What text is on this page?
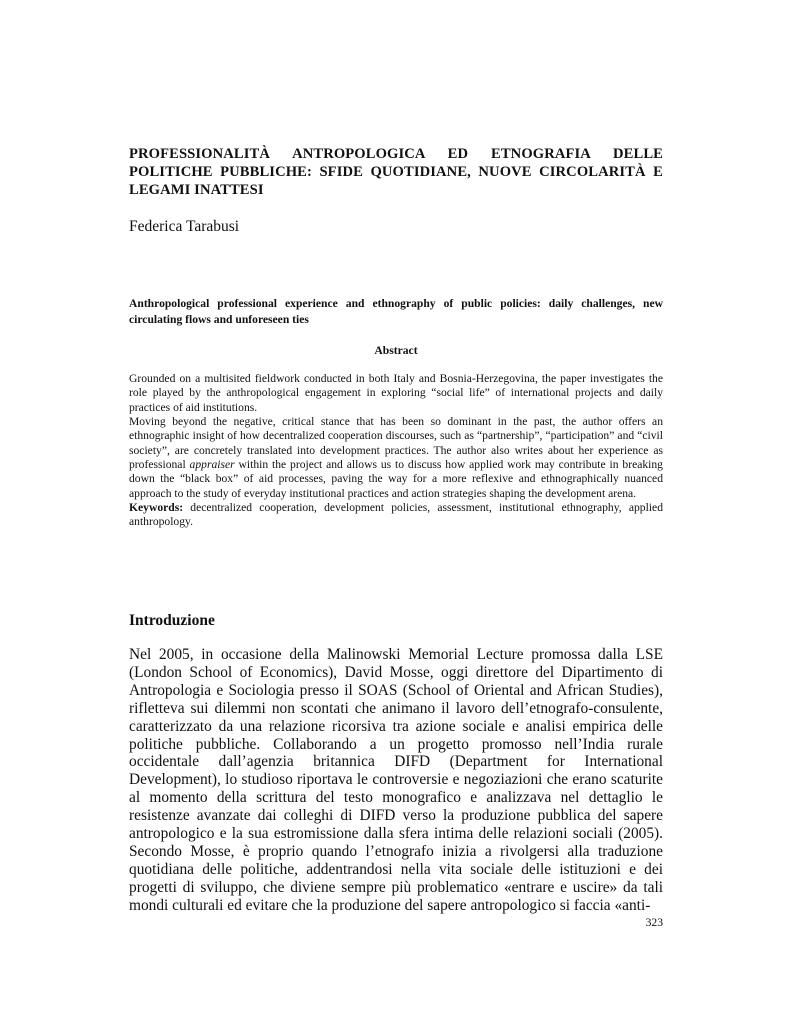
PROFESSIONALITÀ ANTROPOLOGICA ED ETNOGRAFIA DELLE POLITICHE PUBBLICHE: SFIDE QUOTIDIANE, NUOVE CIRCOLARITÀ E LEGAMI INATTESI

Federica Tarabusi

Anthropological professional experience and ethnography of public policies: daily challenges, new circulating flows and unforeseen ties

Abstract

Grounded on a multisited fieldwork conducted in both Italy and Bosnia-Herzegovina, the paper investigates the role played by the anthropological engagement in exploring “social life” of international projects and daily practices of aid institutions.

Moving beyond the negative, critical stance that has been so dominant in the past, the author offers an ethnographic insight of how decentralized cooperation discourses, such as “partnership”, “participation” and “civil society”, are concretely translated into development practices. The author also writes about her experience as professional appraiser within the project and allows us to discuss how applied work may contribute in breaking down the “black box” of aid processes, paving the way for a more reflexive and ethnographically nuanced approach to the study of everyday institutional practices and action strategies shaping the development arena.

Keywords: decentralized cooperation, development policies, assessment, institutional ethnography, applied anthropology.

Introduzione

Nel 2005, in occasione della Malinowski Memorial Lecture promossa dalla LSE (London School of Economics), David Mosse, oggi direttore del Dipartimento di Antropologia e Sociologia presso il SOAS (School of Oriental and African Studies), rifletteva sui dilemmi non scontati che animano il lavoro dell’etnografo-consulente, caratterizzato da una relazione ricorsiva tra azione sociale e analisi empirica delle politiche pubbliche. Collaborando a un progetto promosso nell’India rurale occidentale dall’agenzia britannica DIFD (Department for International Development), lo studioso riportava le controversie e negoziazioni che erano scaturite al momento della scrittura del testo monografico e analizzava nel dettaglio le resistenze avanzate dai colleghi di DIFD verso la produzione pubblica del sapere antropologico e la sua estromissione dalla sfera intima delle relazioni sociali (2005). Secondo Mosse, è proprio quando l’etnografo inizia a rivolgersi alla traduzione quotidiana delle politiche, addentrandosi nella vita sociale delle istituzioni e dei progetti di sviluppo, che diviene sempre più problematico «entrare e uscire» da tali mondi culturali ed evitare che la produzione del sapere antropologico si faccia «anti-

323
